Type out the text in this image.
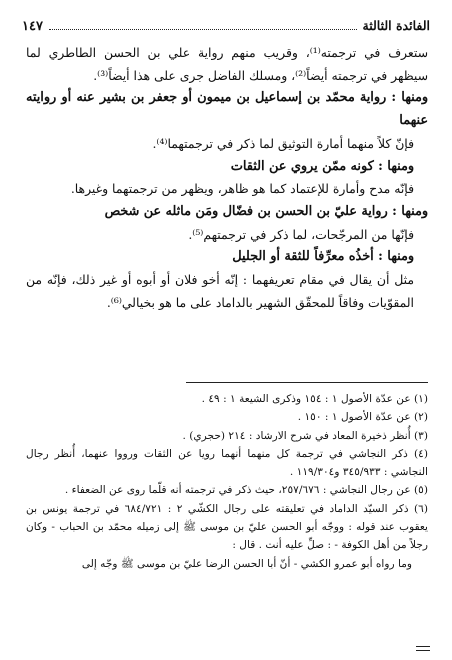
الفائدة الثالثة
١٤٧

ستعرف في ترجمته⁽¹⁾، وقريب منهم رواية علي بن الحسن الطاطري لما سيظهر في ترجمته أيضاً⁽²⁾، ومسلك الفاضل جرى على هذا أيضاً⁽³⁾.

ومنها : رواية محمّد بن إسماعيل بن ميمون أو جعفر بن بشير عنه أو روايته عنهما

فإنّ كلاً منهما أمارة التوثيق لما ذكر في ترجمتهما⁽⁴⁾.

ومنها : كونه ممّن يروي عن الثقات

فإنّه مدح وأمارة للإعتماد كما هو ظاهر، ويظهر من ترجمتهما وغيرها.

ومنها : رواية عليّ بن الحسن بن فضّال ومَن ماثله عن شخص

فإنّها من المرجّحات، لما ذكر في ترجمتهم⁽⁵⁾.

ومنها : أخذُه معرِّفاً للثقة أو الجليل

مثل أن يقال في مقام تعريفهما : إنّه أخو فلان أو أبوه أو غير ذلك، فإنّه من المقوّيات وفاقاً للمحقّق الشهير بالداماد على ما هو بخيالي⁽⁶⁾.

(١) عن عدّة الأصول ١ : ١٥٤ وذكرى الشيعة ١ : ٤٩ .

(٢) عن عدّة الأصول ١ : ١٥٠ .

(٣) أُنظر ذخيرة المعاد في شرح الارشاد : ٢١٤ (حجري) .

(٤) ذكر النجاشي في ترجمة كل منهما أنهما رويا عن الثقات ورووا عنهما، أُنظر رجال النجاشي : ٣٤٥/٩٣٣ و١١٩/٣٠٤ .

(٥) عن رجال النجاشي : ٢٥٧/٦٧٦، حيث ذكر في ترجمته أنه قلّما روى عن الضعفاء .

(٦) ذكر السيّد الداماد في تعليقته على رجال الكشّي ٢ : ٦٨٤/٧٢١ في ترجمة يونس بن يعقوب عند قوله : ووجّه أبو الحسن عليّ بن موسى ﷺ إلى زميله محمّد بن الحباب - وكان رجلاً من أهل الكوفة - : صلِّ عليه أنت . قال :

وما رواه أبو عمرو الكشي - أنّ أبا الحسن الرضا عليّ بن موسى ﷺ وجّه إلى
